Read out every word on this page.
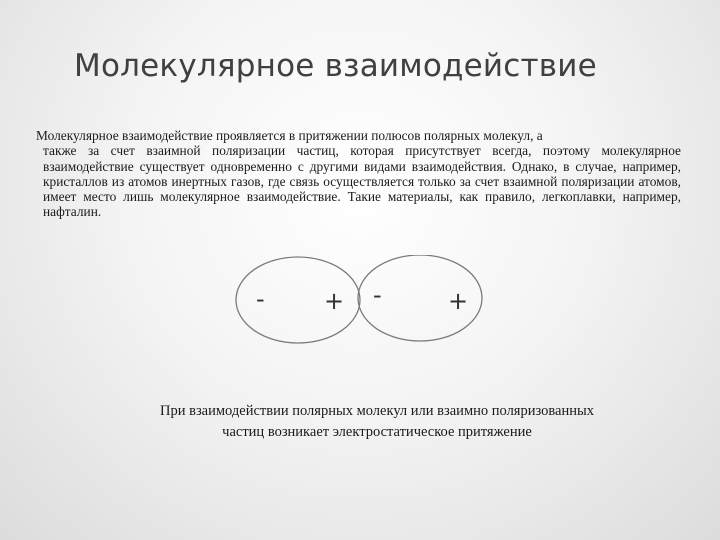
Молекулярное взаимодействие

Молекулярное взаимодействие проявляется в притяжении полюсов полярных молекул, а

также за счет взаимной поляризации частиц, которая присутствует всегда, поэтому молекулярное взаимодействие существует одновременно с другими видами взаимодействия. Однако, в случае, например, кристаллов из атомов инертных газов, где связь осуществляется только за счет взаимной поляризации атомов, имеет место лишь молекулярное взаимодействие. Такие материалы, как правило, легкоплавки, например, нафталин.

- + -	+
При взаимодействии полярных молекул или взаимно поляризованных
частиц возникает электростатическое притяжение
